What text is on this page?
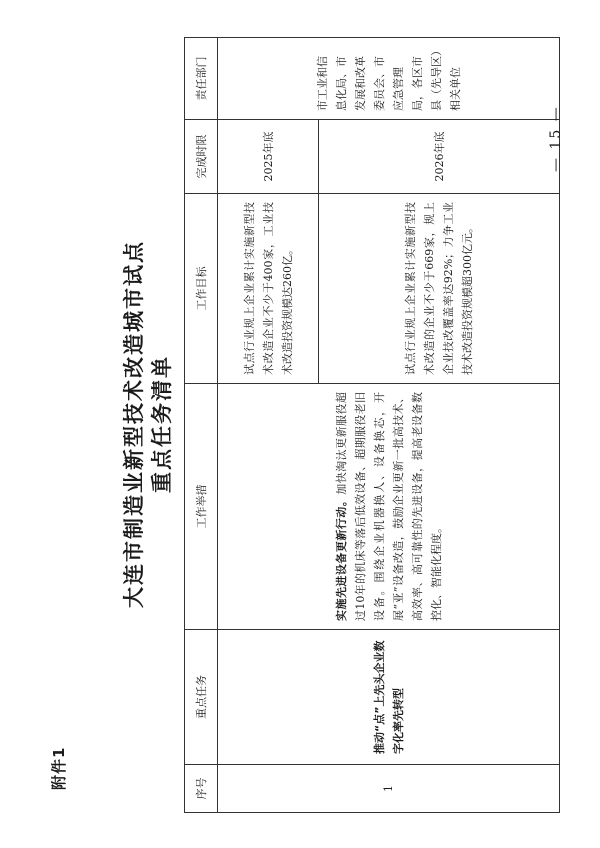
附件1
大连市制造业新型技术改造城市试点 重点任务清单
序号	重点任务	工作举措	工作目标	完成时限	责任部门
1	推动“点”上先头企业数字化率先转型	实施先进设备更新行动。加快淘汰更新服役超过10年的机床等落后低效设备、超期服役老旧设备。围绕企业机器换人、设备换芯，开展“亚”设备改造，鼓励企业更新一批高技术、高效率、高可靠性的先进设备，提高老设备数控化、智能化程度。	试点行业规上企业累计实施新型技术改造企业不少于400家，工业技术改造投资规模达260亿。	2025年底	市工业和信息化局、市发展和改革委员会、市应急管理局，各区市县（先导区）相关单位
			试点行业规上企业累计实施新型技术改造的企业不少于669家，规上企业技改覆盖率达92%；力争工业技术改造投资规模超300亿元。	2026年底		— 15 —
